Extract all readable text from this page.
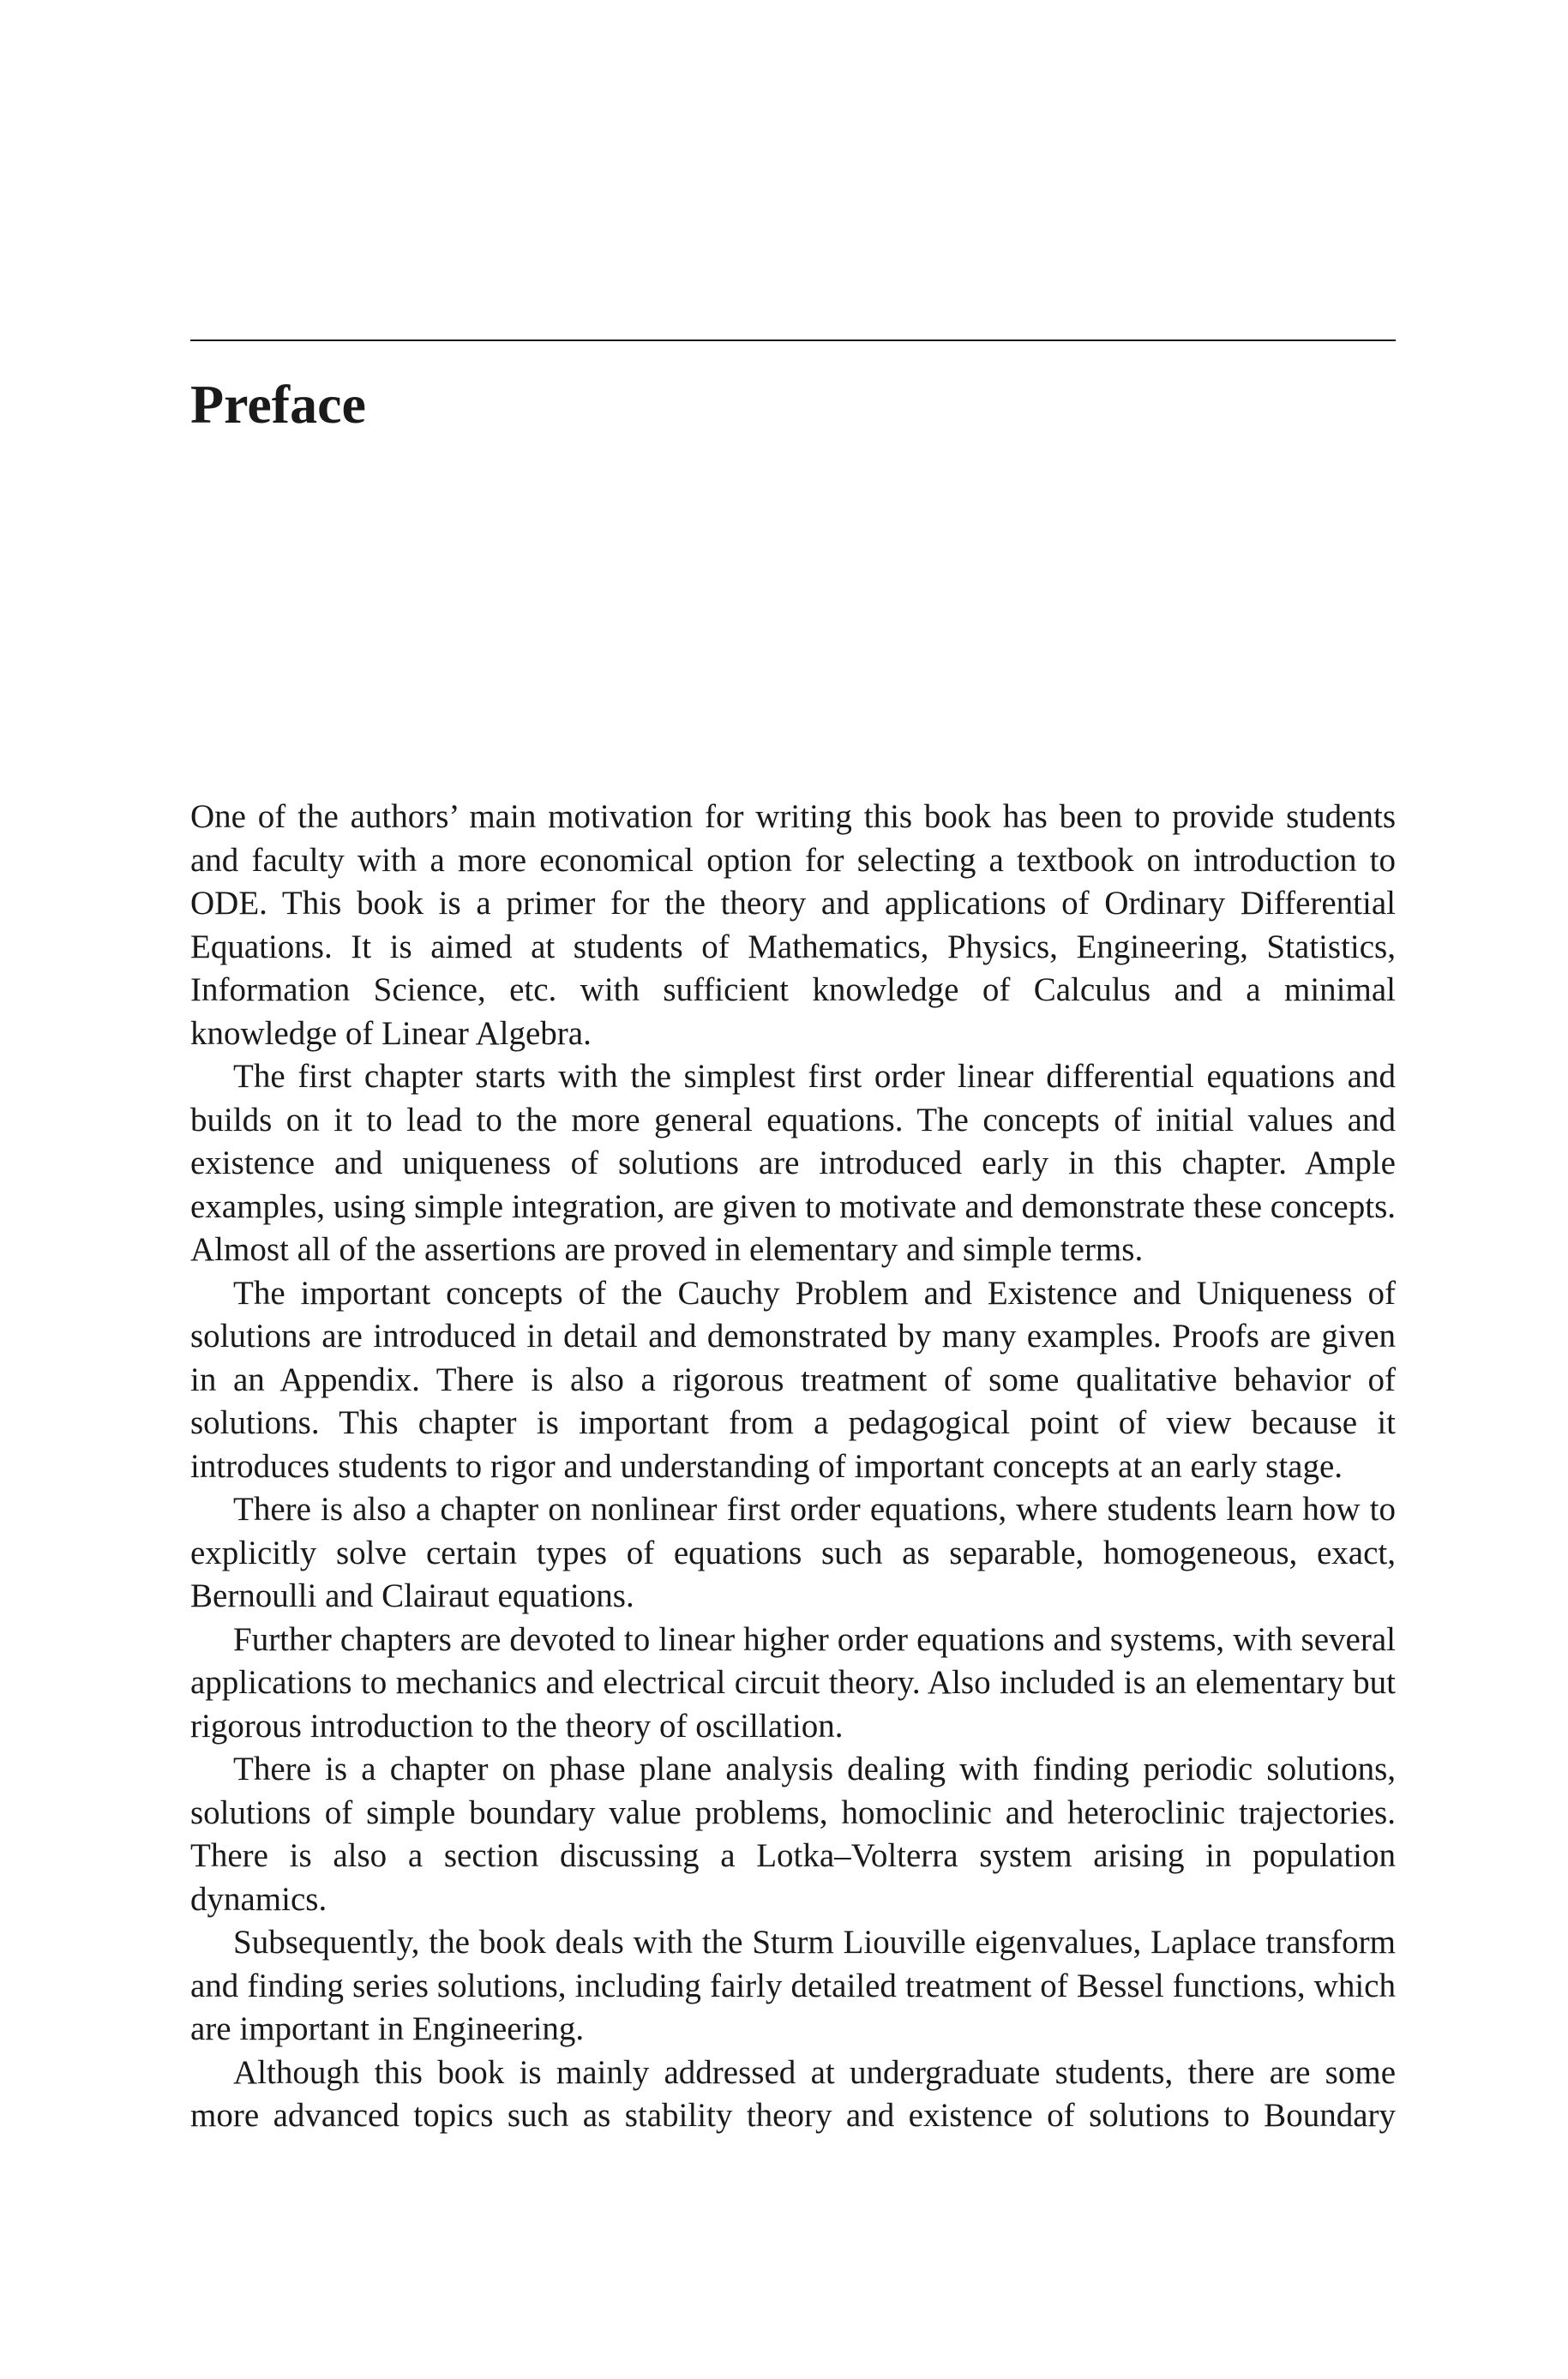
Preface

One of the authors’ main motivation for writing this book has been to provide students and faculty with a more economical option for selecting a textbook on introduction to ODE. This book is a primer for the theory and applications of Ordinary Differential Equations. It is aimed at students of Mathematics, Physics, Engineering, Statistics, Information Science, etc. with sufficient knowledge of Calculus and a minimal knowledge of Linear Algebra.

The first chapter starts with the simplest first order linear differential equations and builds on it to lead to the more general equations. The concepts of initial values and existence and uniqueness of solutions are introduced early in this chapter. Ample examples, using simple integration, are given to motivate and demonstrate these concepts. Almost all of the assertions are proved in elementary and simple terms.

The important concepts of the Cauchy Problem and Existence and Uniqueness of solutions are introduced in detail and demonstrated by many examples. Proofs are given in an Appendix. There is also a rigorous treatment of some qualitative behavior of solutions. This chapter is important from a pedagogical point of view because it introduces students to rigor and understanding of important concepts at an early stage.

There is also a chapter on nonlinear first order equations, where students learn how to explicitly solve certain types of equations such as separable, homogeneous, exact, Bernoulli and Clairaut equations.

Further chapters are devoted to linear higher order equations and systems, with several applications to mechanics and electrical circuit theory. Also included is an elementary but rigorous introduction to the theory of oscillation.

There is a chapter on phase plane analysis dealing with finding periodic solutions, solutions of simple boundary value problems, homoclinic and heteroclinic trajectories. There is also a section discussing a Lotka–Volterra system arising in population dynamics.

Subsequently, the book deals with the Sturm Liouville eigenvalues, Laplace transform and finding series solutions, including fairly detailed treatment of Bessel functions, which are important in Engineering.

Although this book is mainly addressed at undergraduate students, there are some more advanced topics such as stability theory and existence of solutions to Boundary
